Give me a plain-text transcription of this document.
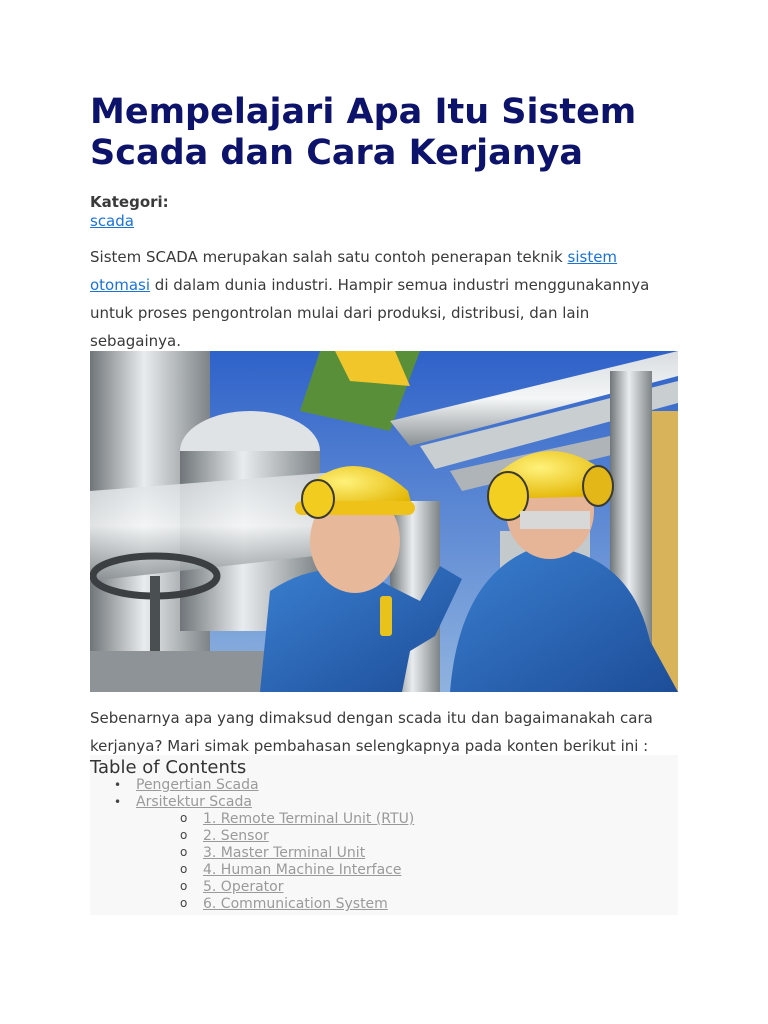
Mempelajari Apa Itu Sistem Scada dan Cara Kerjanya
Kategori:
scada

Sistem SCADA merupakan salah satu contoh penerapan teknik sistem otomasi di dalam dunia industri. Hampir semua industri menggunakannya untuk proses pengontrolan mulai dari produksi, distribusi, dan lain sebagainya.

Sebenarnya apa yang dimaksud dengan scada itu dan bagaimanakah cara kerjanya? Mari simak pembahasan selengkapnya pada konten berikut ini :

Table of Contents
• Pengertian Scada
• Arsitektur Scada
o 1. Remote Terminal Unit (RTU)
o 2. Sensor
o 3. Master Terminal Unit
o 4. Human Machine Interface
o 5. Operator
o 6. Communication System
